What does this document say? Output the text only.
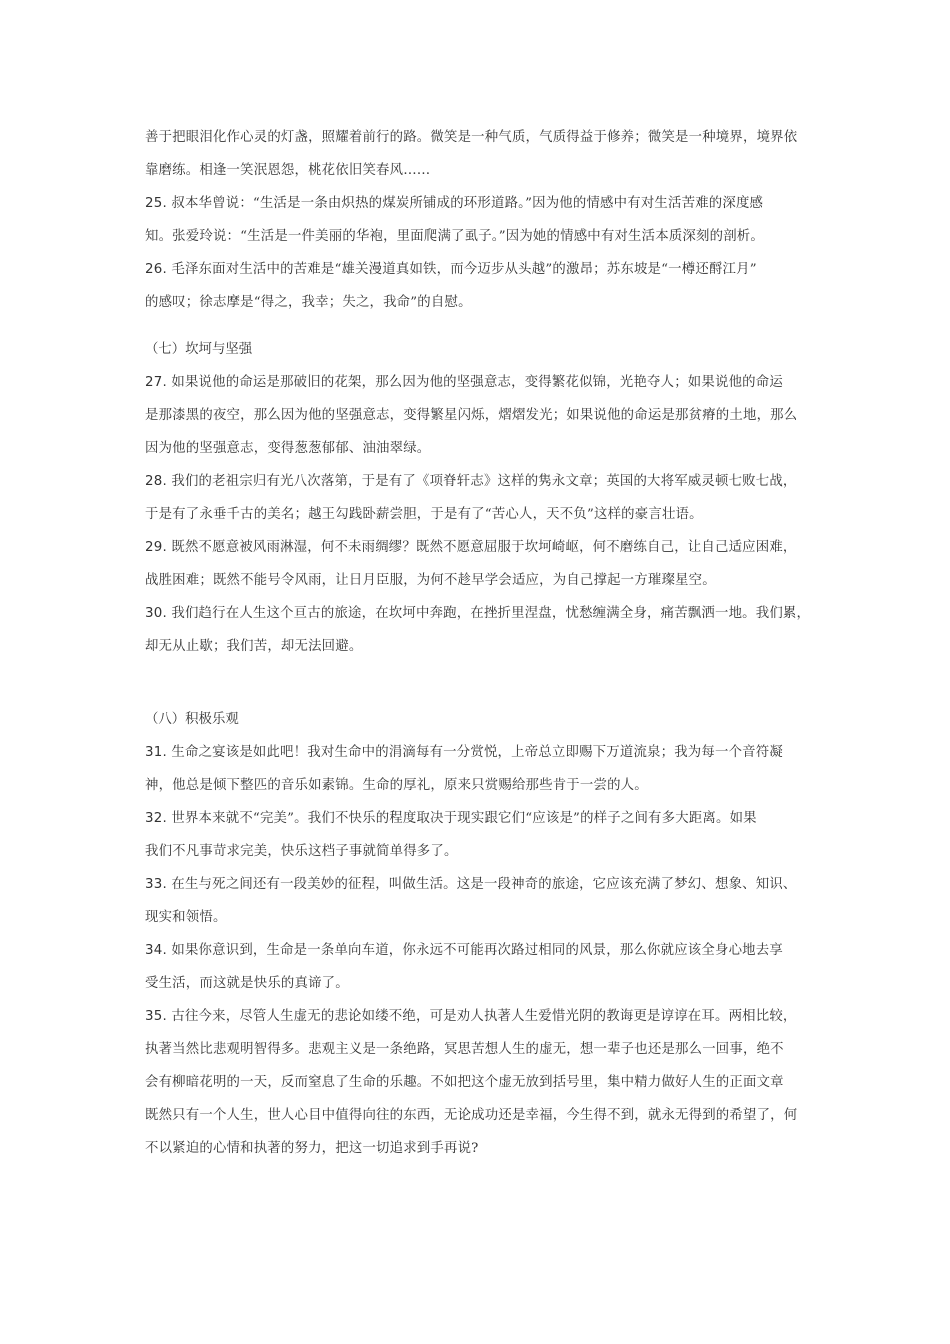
善于把眼泪化作心灵的灯盏，照耀着前行的路。微笑是一种气质，气质得益于修养；微笑是一种境界，境界依
靠磨练。相逢一笑泯恩怨，桃花依旧笑春风……
25. 叔本华曾说：“生活是一条由炽热的煤炭所铺成的环形道路。”因为他的情感中有对生活苦难的深度感
知。张爱玲说：“生活是一件美丽的华袍，里面爬满了虱子。”因为她的情感中有对生活本质深刻的剖析。
26. 毛泽东面对生活中的苦难是“雄关漫道真如铁，而今迈步从头越”的激昂；苏东坡是“一樽还酹江月”
的感叹；徐志摩是“得之，我幸；失之，我命”的自慰。
（七）坎坷与坚强
27. 如果说他的命运是那破旧的花架，那么因为他的坚强意志，变得繁花似锦，光艳夺人；如果说他的命运
是那漆黑的夜空，那么因为他的坚强意志，变得繁星闪烁，熠熠发光；如果说他的命运是那贫瘠的土地，那么
因为他的坚强意志，变得葱葱郁郁、油油翠绿。
28. 我们的老祖宗归有光八次落第，于是有了《项脊轩志》这样的隽永文章；英国的大将军威灵顿七败七战，
于是有了永垂千古的美名；越王勾践卧薪尝胆，于是有了“苦心人，天不负”这样的豪言壮语。
29. 既然不愿意被风雨淋湿，何不未雨绸缪？既然不愿意屈服于坎坷崎岖，何不磨练自己，让自己适应困难，
战胜困难；既然不能号令风雨，让日月臣服，为何不趁早学会适应，为自己撑起一方璀璨星空。
30. 我们趋行在人生这个亘古的旅途，在坎坷中奔跑，在挫折里涅盘，忧愁缠满全身，痛苦飘洒一地。我们累，
却无从止歇；我们苦，却无法回避。
（八）积极乐观
31. 生命之宴该是如此吧！我对生命中的涓滴每有一分赏悦，上帝总立即赐下万道流泉；我为每一个音符凝
神，他总是倾下整匹的音乐如素锦。生命的厚礼，原来只赏赐给那些肯于一尝的人。
32. 世界本来就不“完美”。我们不快乐的程度取决于现实跟它们“应该是”的样子之间有多大距离。如果
我们不凡事苛求完美，快乐这档子事就简单得多了。
33. 在生与死之间还有一段美妙的征程，叫做生活。这是一段神奇的旅途，它应该充满了梦幻、想象、知识、
现实和领悟。
34. 如果你意识到，生命是一条单向车道，你永远不可能再次路过相同的风景，那么你就应该全身心地去享
受生活，而这就是快乐的真谛了。
35. 古往今来，尽管人生虚无的悲论如缕不绝，可是劝人执著人生爱惜光阴的教诲更是谆谆在耳。两相比较，
执著当然比悲观明智得多。悲观主义是一条绝路，冥思苦想人生的虚无，想一辈子也还是那么一回事，绝不
会有柳暗花明的一天，反而窒息了生命的乐趣。不如把这个虚无放到括号里，集中精力做好人生的正面文章
既然只有一个人生，世人心目中值得向往的东西，无论成功还是幸福，今生得不到，就永无得到的希望了，何
不以紧迫的心情和执著的努力，把这一切追求到手再说?
